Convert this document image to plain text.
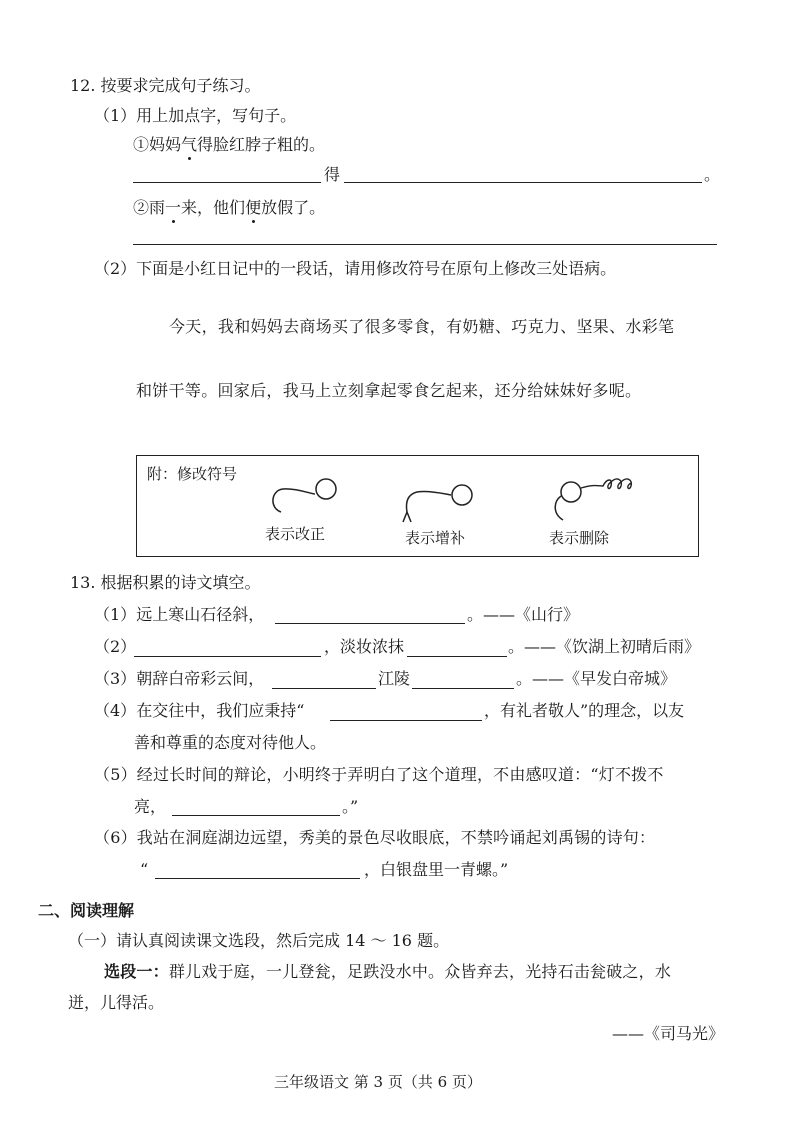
12. 按要求完成句子练习。
（1）用上加点字，写句子。
①妈妈气得脸红脖子粗的。
得	。
②雨一来，他们便放假了。
（2）下面是小红日记中的一段话，请用修改符号在原句上修改三处语病。
今天，我和妈妈去商场买了很多零食，有奶糖、巧克力、坚果、水彩笔
和饼干等。回家后，我马上立刻拿起零食乞起来，还分给妹妹好多呢。
附：修改符号
表示改正	表示增补	表示删除
13. 根据积累的诗文填空。
（1）远上寒山石径斜，	。——《山行》
（2）	，淡妆浓抹	。——《饮湖上初晴后雨》
（3）朝辞白帝彩云间，	江陵	。——《早发白帝城》
（4）在交往中，我们应秉持“	，有礼者敬人”的理念，以友
善和尊重的态度对待他人。
（5）经过长时间的辩论，小明终于弄明白了这个道理，不由感叹道：“灯不拨不
亮，	。”
（6）我站在洞庭湖边远望，秀美的景色尽收眼底，不禁吟诵起刘禹锡的诗句：
“	，白银盘里一青螺。”
二、阅读理解
（一）请认真阅读课文选段，然后完成 14 ～ 16 题。
选段一：群儿戏于庭，一儿登瓮，足跌没水中。众皆弃去，光持石击瓮破之，水
迸，儿得活。
——《司马光》
三年级语文 第 3 页（共 6 页）
